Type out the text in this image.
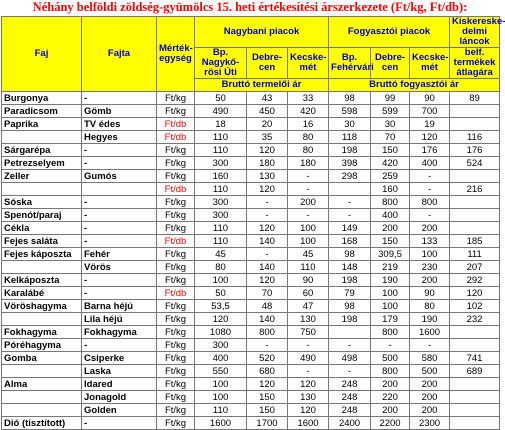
Néhány belföldi zöldség-gyümölcs 15. heti értékesítési árszerkezete (Ft/kg, Ft/db):
Faj	Fajta	Mérték-egység	Nagybani piacok			Fogyasztói piacok			Kiskereske-delmi láncok
			Bp. Nagykő-rösi Úti	Debre-cen	Kecske-mét	Bp. Fehérvári	Debre-cen	Kecske-mét	belf. termékek átlagára
			Bruttó termelői ár			Bruttó fogyasztói ár			
Burgonya	-	Ft/kg	50	43	33	98	99	90	89
Paradicsom	Gömb	Ft/kg	490	450	420	598	599	700	
Paprika	TV édes	Ft/db	18	20	16	30	30	19	
	Hegyes	Ft/db	110	35	80	118	70	120	116
Sárgarépa	-	Ft/kg	110	120	80	198	150	176	176
Petrezselyem	-	Ft/kg	300	180	180	398	420	400	524
Zeller	Gumós	Ft/kg	160	130	-	298	259	-	
		Ft/db	110	120	-		160	-	216
Sóska	-	Ft/kg	300	-	200	-	800	800	
Spenót/paraj	-	Ft/kg	300	-	-	-	400	-	
Cékla	-	Ft/kg	110	120	100	149	200	200	
Fejes saláta	-	Ft/db	110	140	100	168	150	133	185
Fejes káposzta	Fehér	Ft/kg	45	-	45	98	309,5	100	111
	Vörös	Ft/kg	80	140	110	148	219	230	207
Kelkáposzta	-	Ft/kg	100	120	90	198	190	200	292
Karalábé	-	Ft/db	50	70	60	79	100	90	120
Vöröshagyma	Barna héjú	Ft/kg	53,5	48	47	98	100	80	102
	Lila héjú	Ft/kg	120	140	130	198	179	190	232
Fokhagyma	Fokhagyma	Ft/kg	1080	800	750		800	1600	
Póréhagyma	-	Ft/kg	300	-	-	-	-	-	
Gomba	Csiperke	Ft/kg	400	520	490	498	500	580	741
	Laska	Ft/kg	550	680	-	-	800	500	689
Alma	Idared	Ft/kg	100	120	120	248	200	200	
	Jonagold	Ft/kg	100	150	130	248	220	200	
	Golden	Ft/kg	110	150	120	248	200	200	
Dió (tisztított)	-	Ft/kg	1600	1700	1600	2400	2200	2300	
